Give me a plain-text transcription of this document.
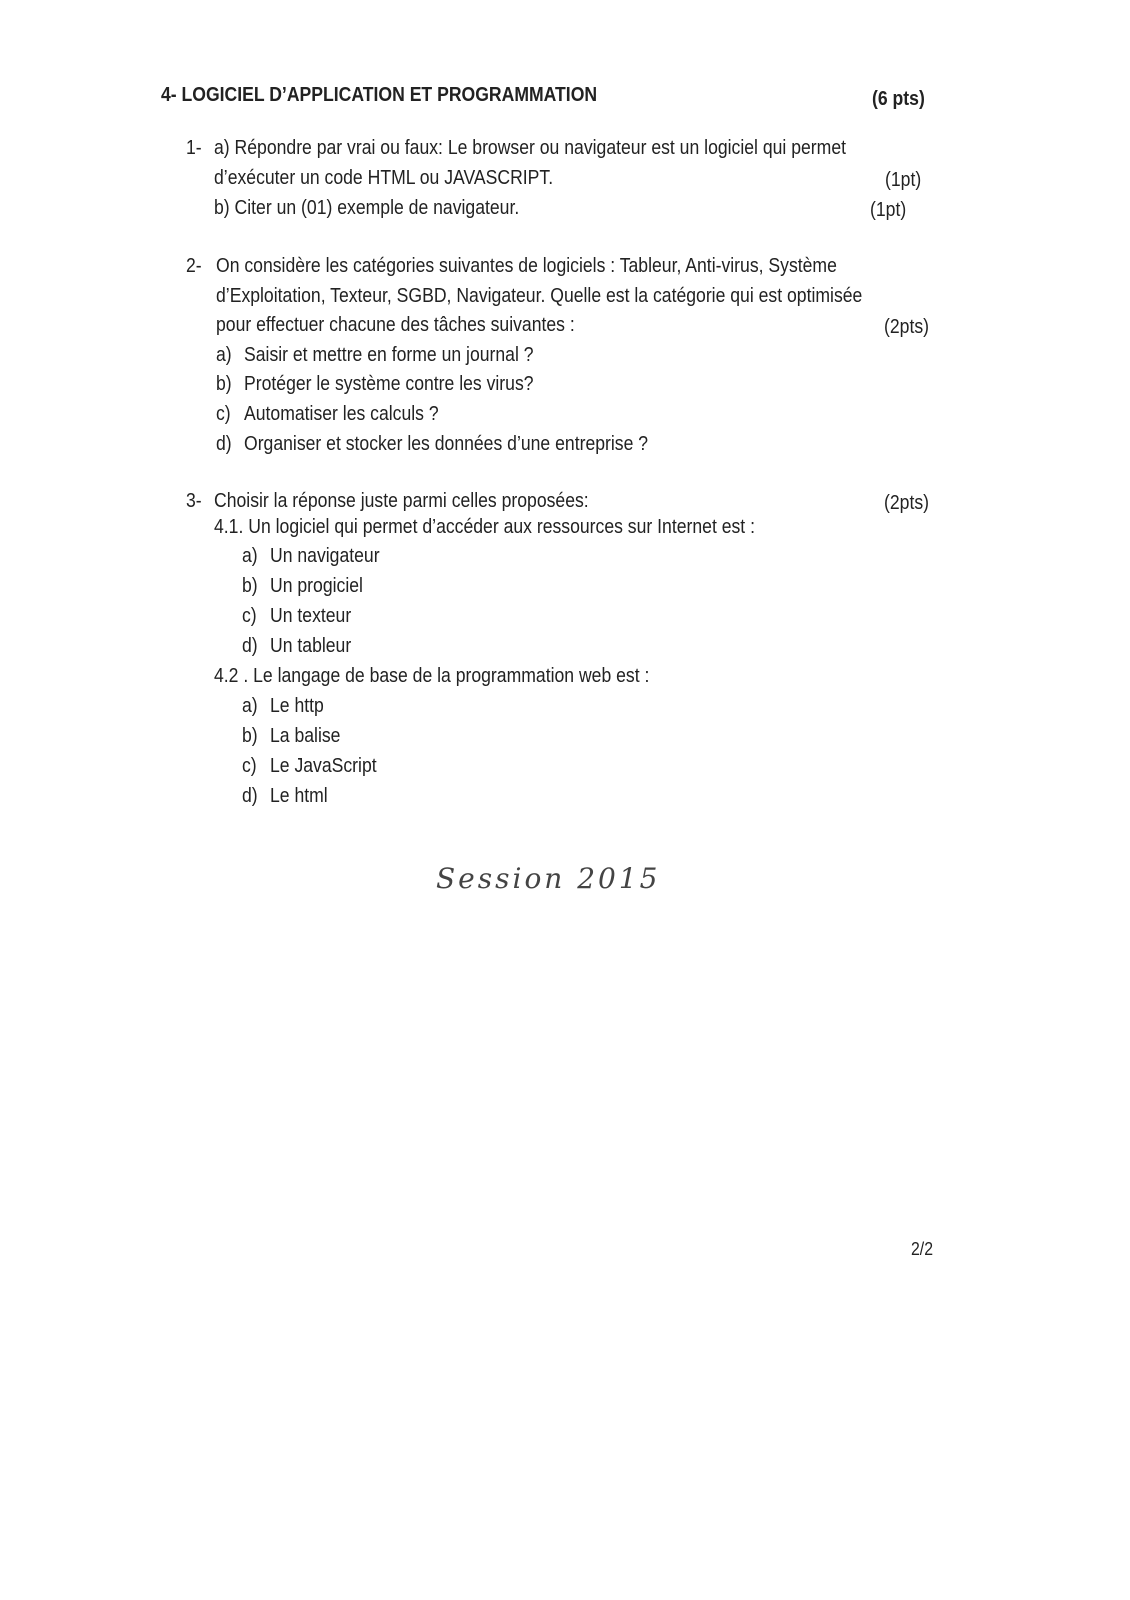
4- LOGICIEL D’APPLICATION ET PROGRAMMATION	(6 pts)
1- a) Répondre par vrai ou faux: Le browser ou navigateur est un logiciel qui permet
d’exécuter un code HTML ou JAVASCRIPT.	(1pt)
b) Citer un (01) exemple de navigateur.	(1pt)
2- On considère les catégories suivantes de logiciels : Tableur, Anti-virus, Système
d’Exploitation, Texteur, SGBD, Navigateur. Quelle est la catégorie qui est optimisée
pour effectuer chacune des tâches suivantes :	(2pts)
a) Saisir et mettre en forme un journal ?
b) Protéger le système contre les virus?
c) Automatiser les calculs ?
d) Organiser et stocker les données d’une entreprise ?
3- Choisir la réponse juste parmi celles proposées:	(2pts)
4.1. Un logiciel qui permet d’accéder aux ressources sur Internet est :
a) Un navigateur
b) Un progiciel
c) Un texteur
d) Un tableur
4.2 . Le langage de base de la programmation web est :
a) Le http
b) La balise
c) Le JavaScript
d) Le html
Session 2015
2/2
